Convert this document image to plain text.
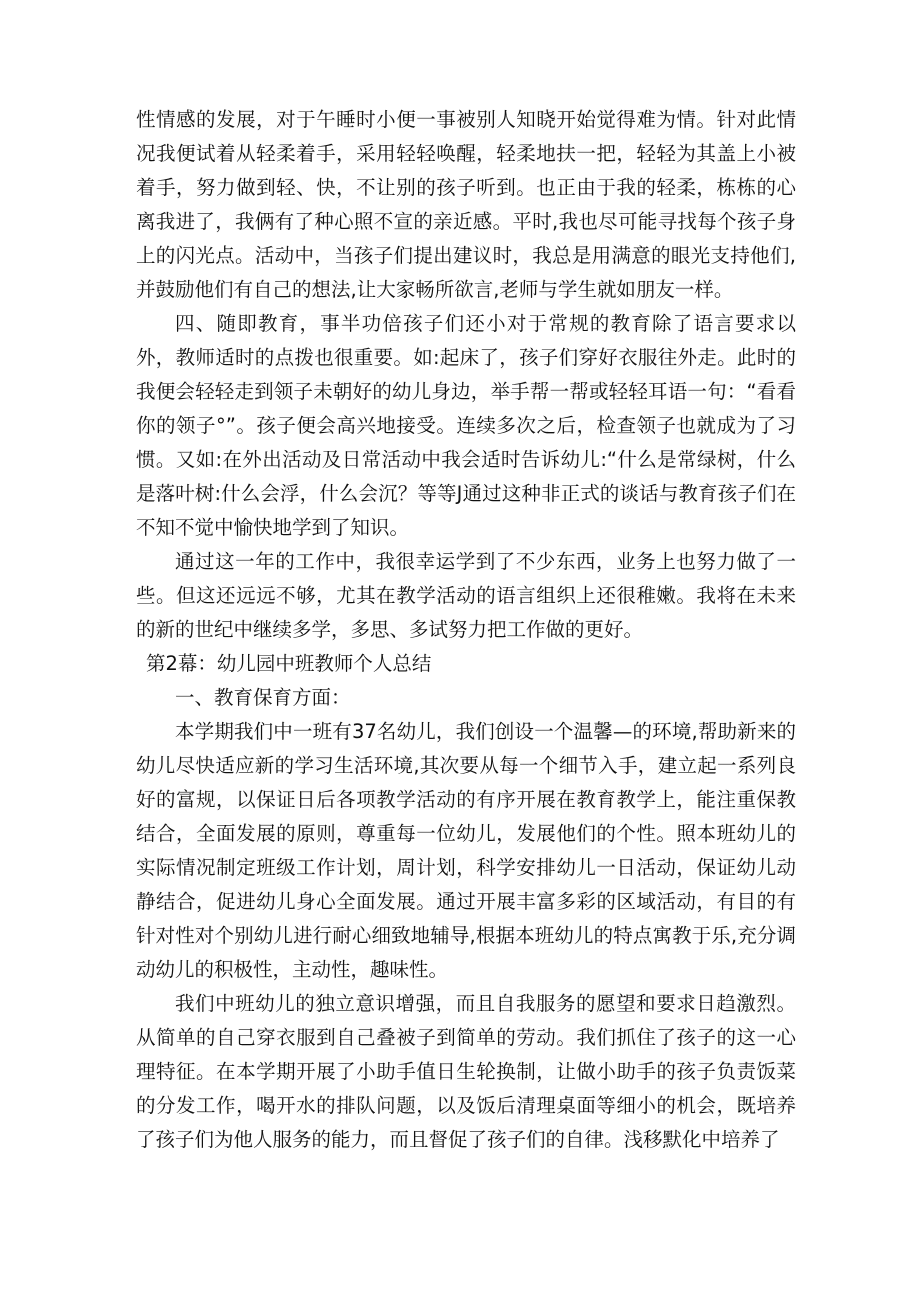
性情感的发展，对于午睡时小便一事被别人知晓开始觉得难为情。针对此情况我便试着从轻柔着手，采用轻轻唤醒，轻柔地扶一把，轻轻为其盖上小被着手，努力做到轻、快，不让别的孩子听到。也正由于我的轻柔，栋栋的心离我进了，我俩有了种心照不宣的亲近感。平时,我也尽可能寻找每个孩子身上的闪光点。活动中，当孩子们提出建议时，我总是用满意的眼光支持他们,并鼓励他们有自己的想法,让大家畅所欲言,老师与学生就如朋友一样。

四、随即教育，事半功倍孩子们还小对于常规的教育除了语言要求以外，教师适时的点拨也很重要。如:起床了，孩子们穿好衣服往外走。此时的我便会轻轻走到领子未朝好的幼儿身边，举手帮一帮或轻轻耳语一句：“看看你的领子°”。孩子便会高兴地接受。连续多次之后，检查领子也就成为了习惯。又如:在外出活动及日常活动中我会适时告诉幼儿:“什么是常绿树，什么是落叶树:什么会浮，什么会沉？等等J通过这种非正式的谈话与教育孩子们在不知不觉中愉快地学到了知识。

通过这一年的工作中，我很幸运学到了不少东西，业务上也努力做了一些。但这还远远不够，尤其在教学活动的语言组织上还很稚嫩。我将在未来的新的世纪中继续多学，多思、多试努力把工作做的更好。

第2幕：幼儿园中班教师个人总结

一、教育保育方面：

本学期我们中一班有37名幼儿，我们创设一个温馨—的环境,帮助新来的幼儿尽快适应新的学习生活环境,其次要从每一个细节入手，建立起一系列良好的富规，以保证日后各项教学活动的有序开展在教育教学上，能注重保教结合，全面发展的原则，尊重每一位幼儿，发展他们的个性。照本班幼儿的实际情况制定班级工作计划，周计划，科学安排幼儿一日活动，保证幼儿动静结合，促进幼儿身心全面发展。通过开展丰富多彩的区域活动，有目的有针对性对个别幼儿进行耐心细致地辅导,根据本班幼儿的特点寓教于乐,充分调动幼儿的积极性，主动性，趣味性。

我们中班幼儿的独立意识增强，而且自我服务的愿望和要求日趋激烈。从简单的自己穿衣服到自己叠被子到简单的劳动。我们抓住了孩子的这一心理特征。在本学期开展了小助手值日生轮换制，让做小助手的孩子负责饭菜的分发工作，喝开水的排队问题，以及饭后清理桌面等细小的机会，既培养了孩子们为他人服务的能力，而且督促了孩子们的自律。浅移默化中培养了
